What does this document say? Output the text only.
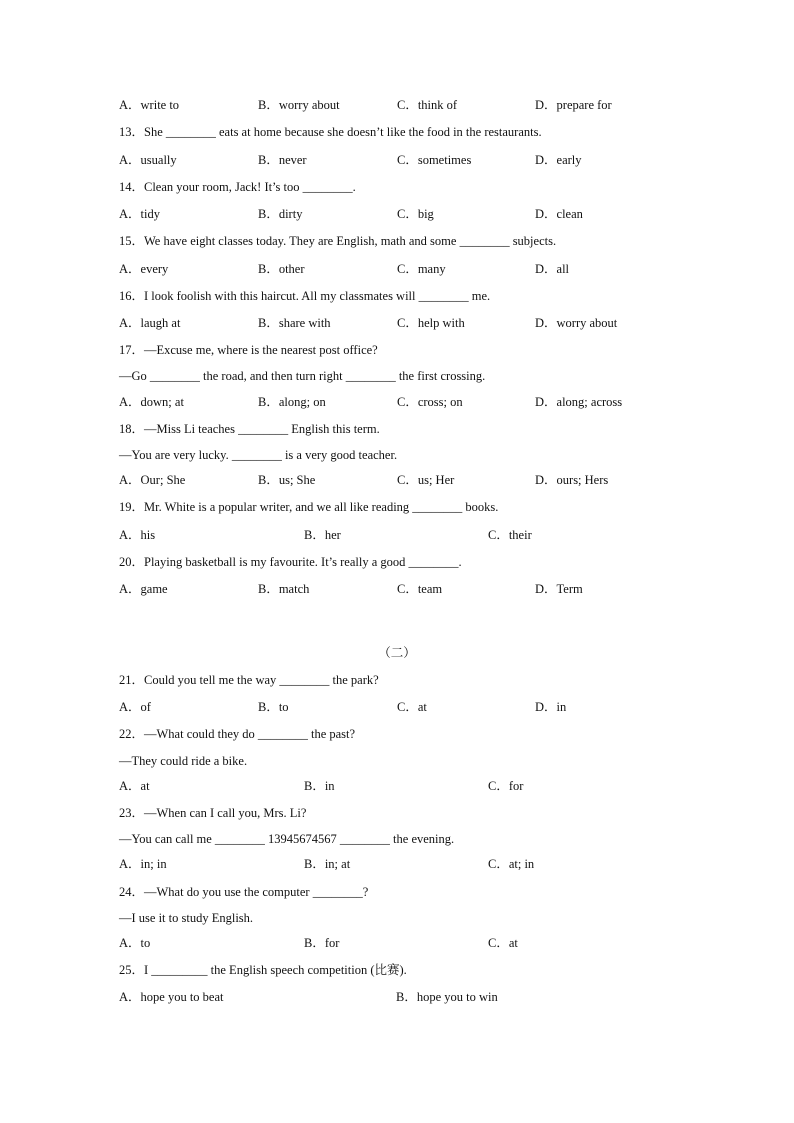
A．write to	B．worry about	C．think of	D．prepare for
13．She ________ eats at home because she doesn’t like the food in the restaurants.
A．usually	B．never	C．sometimes	D．early
14．Clean your room, Jack! It’s too ________.
A．tidy	B．dirty	C．big	D．clean
15．We have eight classes today. They are English, math and some ________ subjects.
A．every	B．other	C．many	D．all
16．I look foolish with this haircut. All my classmates will ________ me.
A．laugh at	B．share with	C．help with	D．worry about
17．—Excuse me, where is the nearest post office?
—Go ________ the road, and then turn right ________ the first crossing.
A．down; at	B．along; on	C．cross; on	D．along; across
18．—Miss Li teaches ________ English this term.
—You are very lucky. ________ is a very good teacher.
A．Our; She	B．us; She	C．us; Her	D．ours; Hers
19．Mr. White is a popular writer, and we all like reading ________ books.
A．his	B．her	C．their
20．Playing basketball is my favourite. It’s really a good ________.
A．game	B．match	C．team	D．Term
（二）
21．Could you tell me the way ________ the park?
A．of	B．to	C．at	D．in
22．—What could they do ________ the past?
—They could ride a bike.
A．at	B．in	C．for
23．—When can I call you, Mrs. Li?
—You can call me ________ 13945674567 ________ the evening.
A．in; in	B．in; at	C．at; in
24．—What do you use the computer ________?
—I use it to study English.
A．to	B．for	C．at
25．I _________ the English speech competition (比赛).
A．hope you to beat	B．hope you to win
